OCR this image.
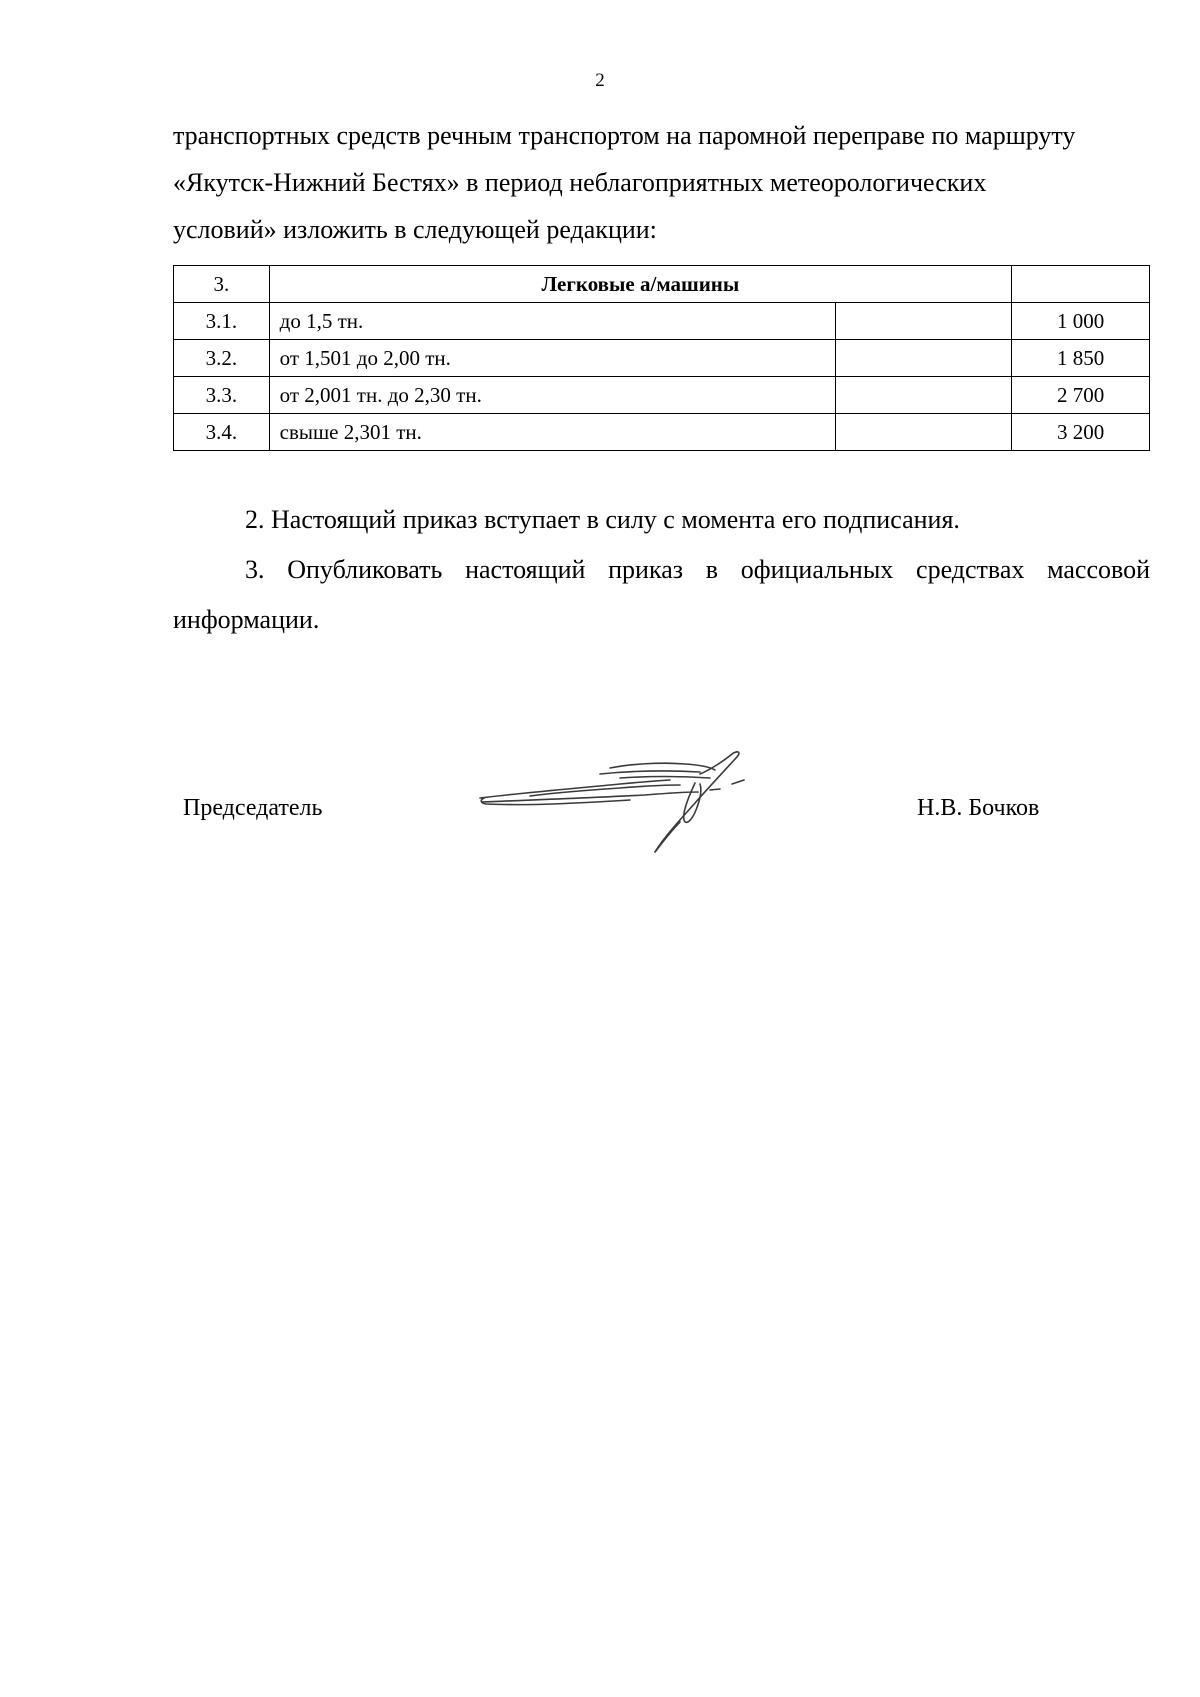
2

транспортных средств речным транспортом на паромной переправе по маршруту

«Якутск-Нижний Бестях» в период неблагоприятных метеорологических

условий» изложить в следующей редакции:

3.	Легковые а/машины		
3.1.	до 1,5 тн.		1 000
3.2.	от 1,501 до 2,00 тн.		1 850
3.3.	от 2,001 тн. до 2,30 тн.		2 700
3.4.	свыше 2,301 тн.		3 200

2. Настоящий приказ вступает в силу с момента его подписания.

3. Опубликовать настоящий приказ в официальных средствах массовой информации.

Председатель	Н.В. Бочков
